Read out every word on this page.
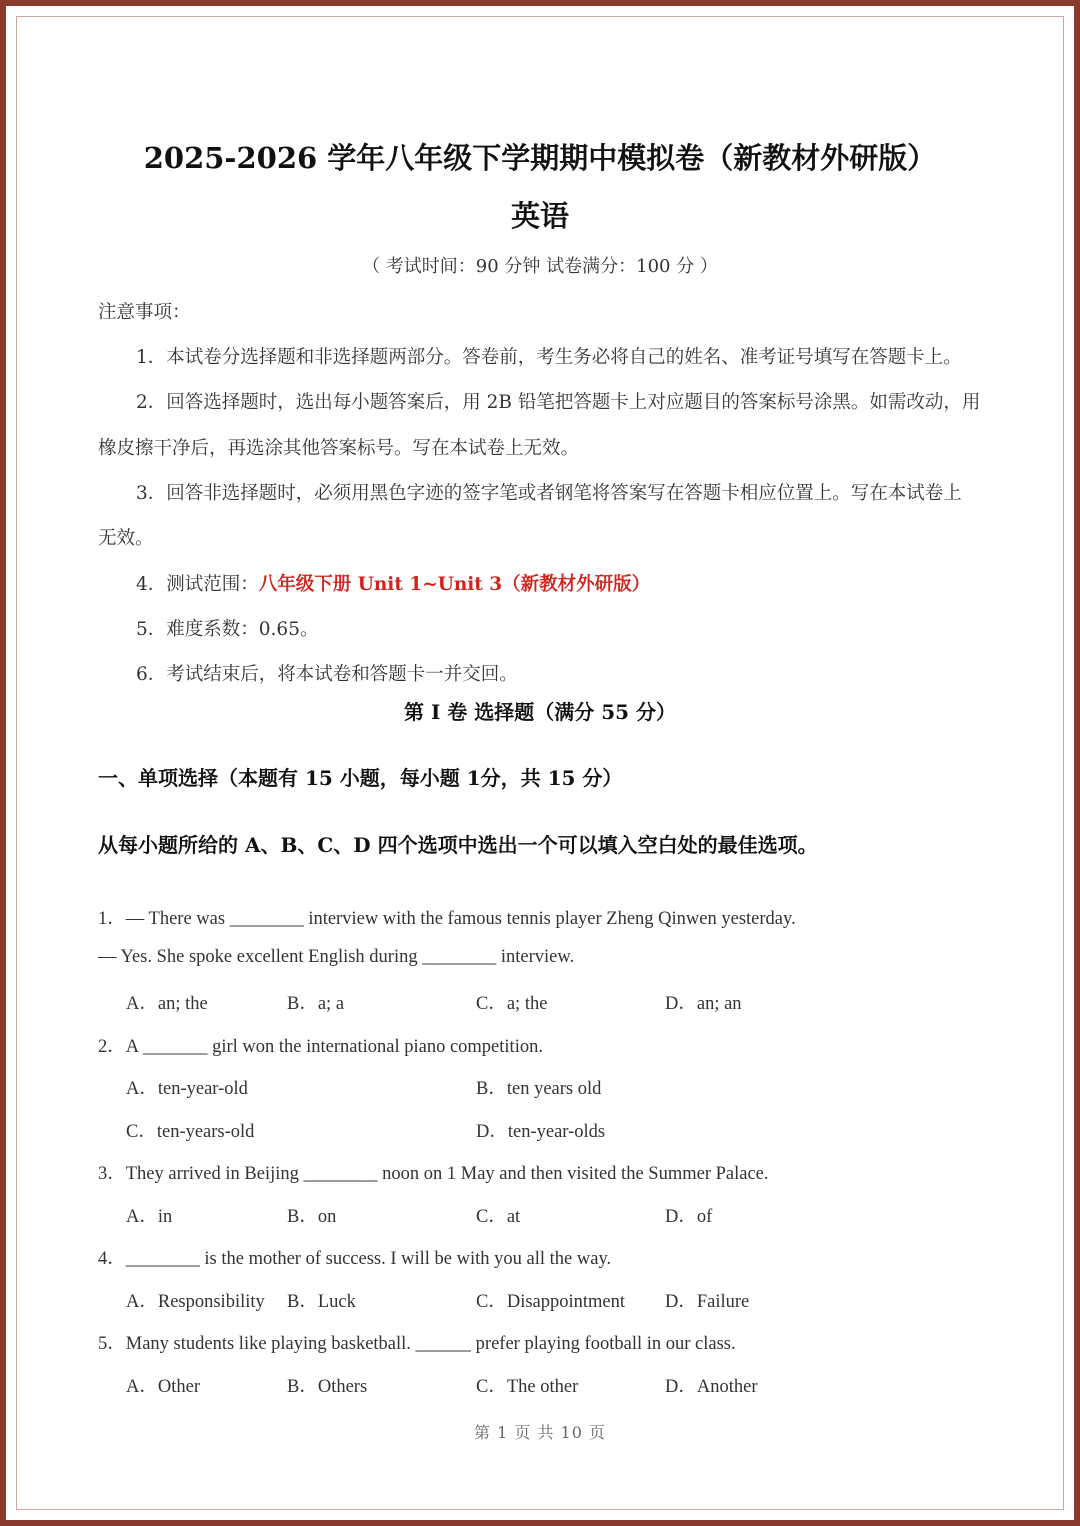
2025-2026 学年八年级下学期期中模拟卷（新教材外研版）
英语
（ 考试时间：90 分钟 试卷满分：100 分 ）
注意事项：
1．本试卷分选择题和非选择题两部分。答卷前，考生务必将自己的姓名、准考证号填写在答题卡上。
2．回答选择题时，选出每小题答案后，用 2B 铅笔把答题卡上对应题目的答案标号涂黑。如需改动，用
橡皮擦干净后，再选涂其他答案标号。写在本试卷上无效。
3．回答非选择题时，必须用黑色字迹的签字笔或者钢笔将答案写在答题卡相应位置上。写在本试卷上
无效。
4．测试范围：八年级下册 Unit 1~Unit 3（新教材外研版）
5．难度系数：0.65。
6．考试结束后，将本试卷和答题卡一并交回。
第 I 卷 选择题（满分 55 分）
一、单项选择（本题有 15 小题，每小题 1分，共 15 分）
从每小题所给的 A、B、C、D 四个选项中选出一个可以填入空白处的最佳选项。
1．— There was ________ interview with the famous tennis player Zheng Qinwen yesterday.
— Yes. She spoke excellent English during ________ interview.
A．an; the	B．a; a	C．a; the	D．an; an
2．A _______ girl won the international piano competition.
A．ten-year-old	B．ten years old
C．ten-years-old	D．ten-year-olds
3．They arrived in Beijing ________ noon on 1 May and then visited the Summer Palace.
A．in	B．on	C．at	D．of
4．________ is the mother of success. I will be with you all the way.
A．Responsibility B．Luck	C．Disappointment D．Failure
5．Many students like playing basketball. ______ prefer playing football in our class.
A．Other	B．Others	C．The other	D．Another
第 1 页 共 10 页
